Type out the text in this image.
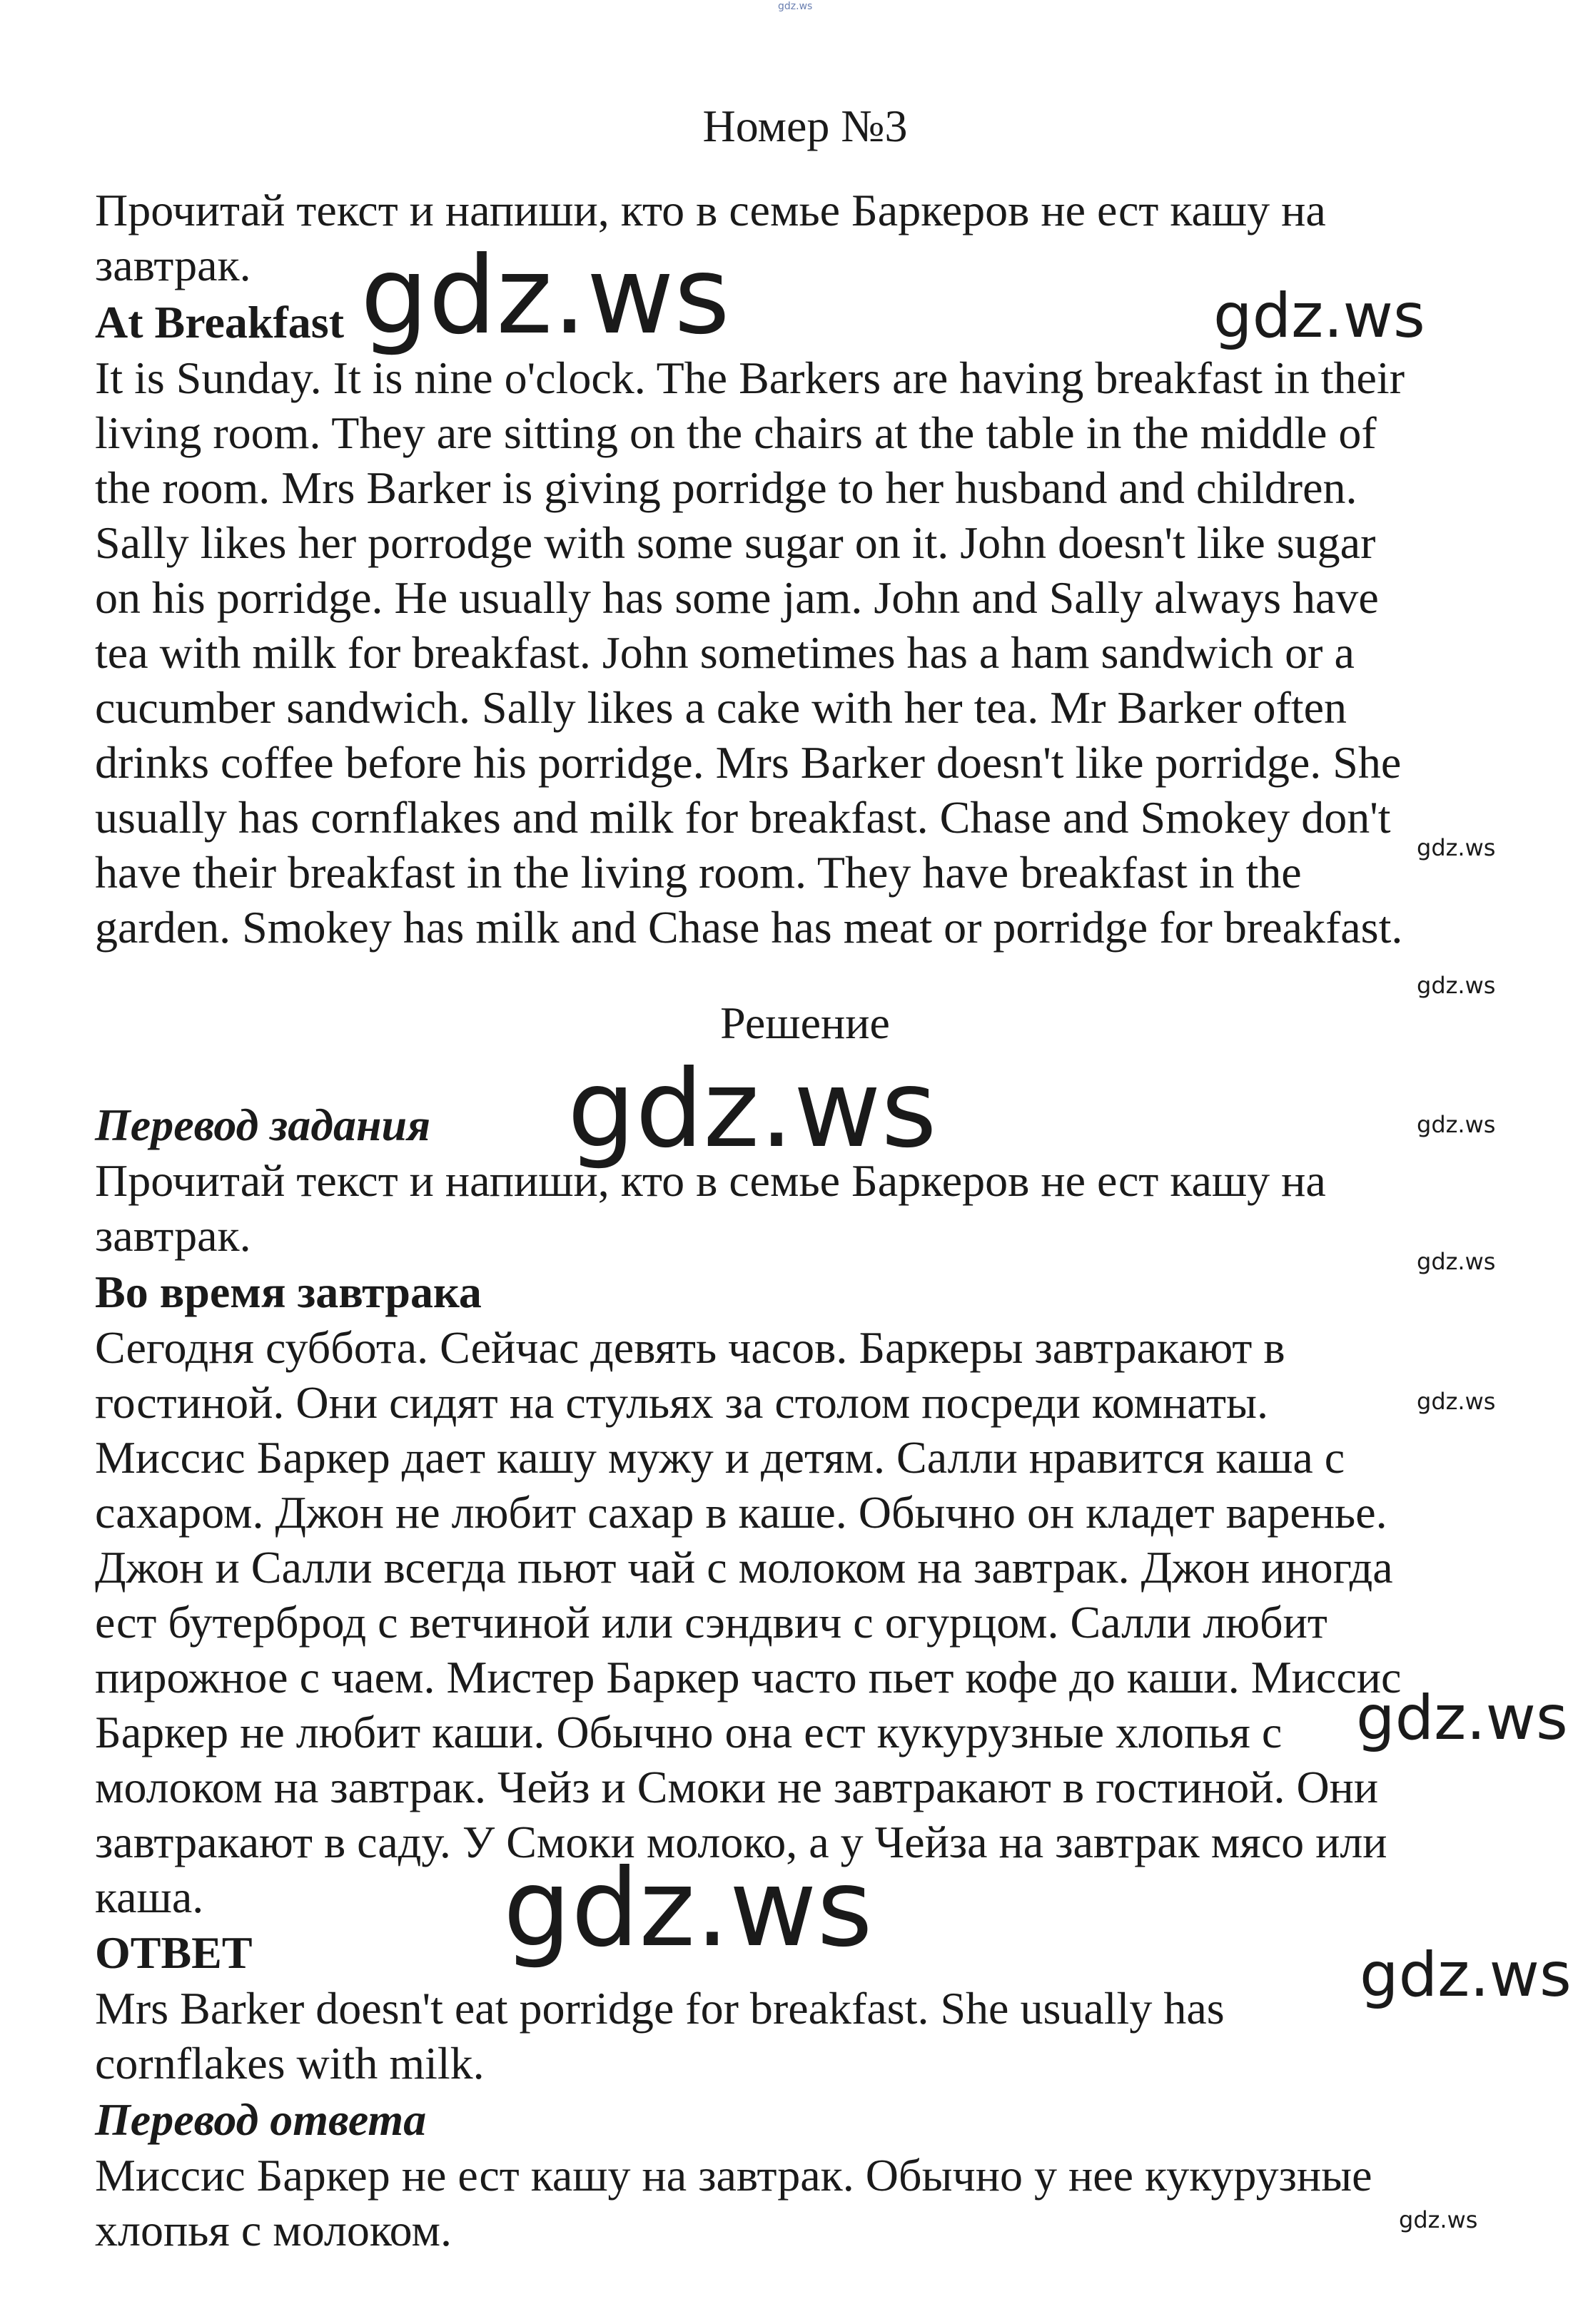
Номер №3
Прочитай текст и напиши, кто в семье Баркеров не ест кашу на
завтрак.
At Breakfast
It is Sunday. It is nine o'clock. The Barkers are having breakfast in their
living room. They are sitting on the chairs at the table in the middle of
the room. Mrs Barker is giving porridge to her husband and children.
Sally likes her porrodge with some sugar on it. John doesn't like sugar
on his porridge. He usually has some jam. John and Sally always have
tea with milk for breakfast. John sometimes has a ham sandwich or a
cucumber sandwich. Sally likes a cake with her tea. Mr Barker often
drinks coffee before his porridge. Mrs Barker doesn't like porridge. She
usually has cornflakes and milk for breakfast. Chase and Smokey don't
have their breakfast in the living room. They have breakfast in the
garden. Smokey has milk and Chase has meat or porridge for breakfast.
Решение
Перевод задания
Прочитай текст и напиши, кто в семье Баркеров не ест кашу на
завтрак.
Во время завтрака
Сегодня суббота. Сейчас девять часов. Баркеры завтракают в
гостиной. Они сидят на стульях за столом посреди комнаты.
Миссис Баркер дает кашу мужу и детям. Салли нравится каша с
сахаром. Джон не любит сахар в каше. Обычно он кладет варенье.
Джон и Салли всегда пьют чай с молоком на завтрак. Джон иногда
ест бутерброд с ветчиной или сэндвич с огурцом. Салли любит
пирожное с чаем. Мистер Баркер часто пьет кофе до каши. Миссис
Баркер не любит каши. Обычно она ест кукурузные хлопья с
молоком на завтрак. Чейз и Смоки не завтракают в гостиной. Они
завтракают в саду. У Смоки молоко, а у Чейза на завтрак мясо или
каша.
ОТВЕТ
Mrs Barker doesn't eat porridge for breakfast. She usually has
cornflakes with milk.
Перевод ответа
Миссис Баркер не ест кашу на завтрак. Обычно у нее кукурузные
хлопья с молоком.
gdz.ws
gdz.ws	gdz.ws
gdz.ws
gdz.ws
gdz.ws	gdz.ws
gdz.ws
gdz.ws
gdz.ws
gdz.ws
gdz.ws
gdz.ws
